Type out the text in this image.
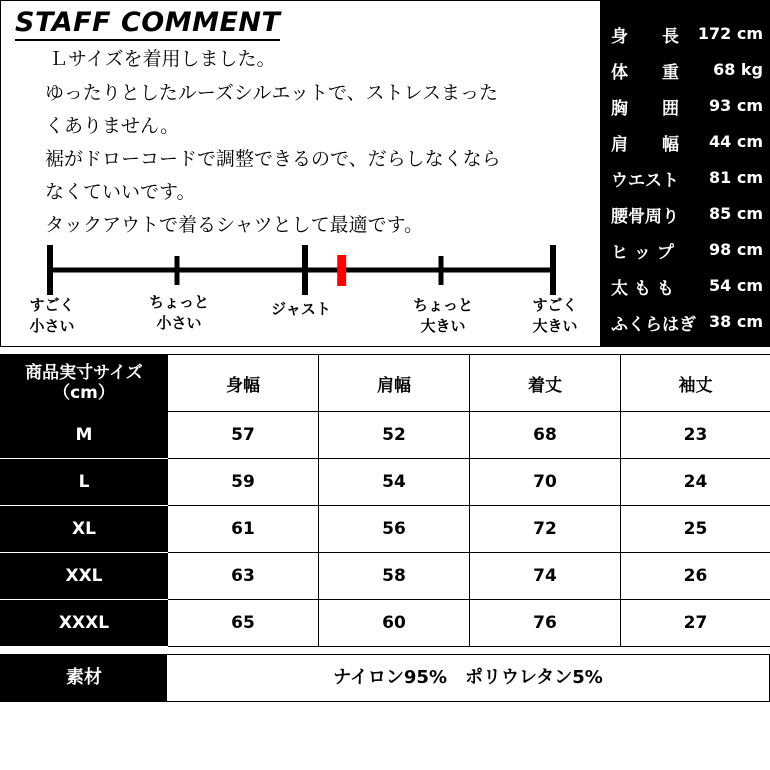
STAFF COMMENT
Ｌサイズを着用しました。
ゆったりとしたルーズシルエットで、ストレスまった
くありません。
裾がドローコードで調整できるので、だらしなくなら
なくていいです。
タックアウトで着るシャツとして最適です。
すごく
小さい
ちょっと
小さい
ジャスト	ちょっと
大きい
すごく
大きい
身　　長 172 cm
体　　重 68 kg
胸　　囲 93 cm
肩　　幅 44 cm
ウエスト 81 cm
腰骨周り 85 cm
ヒ ッ プ 98 cm
太 も も 54 cm
ふくらはぎ 38 cm
商品実寸サイズ
（cm）	身幅	肩幅	着丈	袖丈
M	57	52	68	23
L	59	54	70	24
XL	61	56	72	25
XXL	63	58	74	26
XXXL	65	60	76	27
素材	ナイロン95%　ポリウレタン5%
